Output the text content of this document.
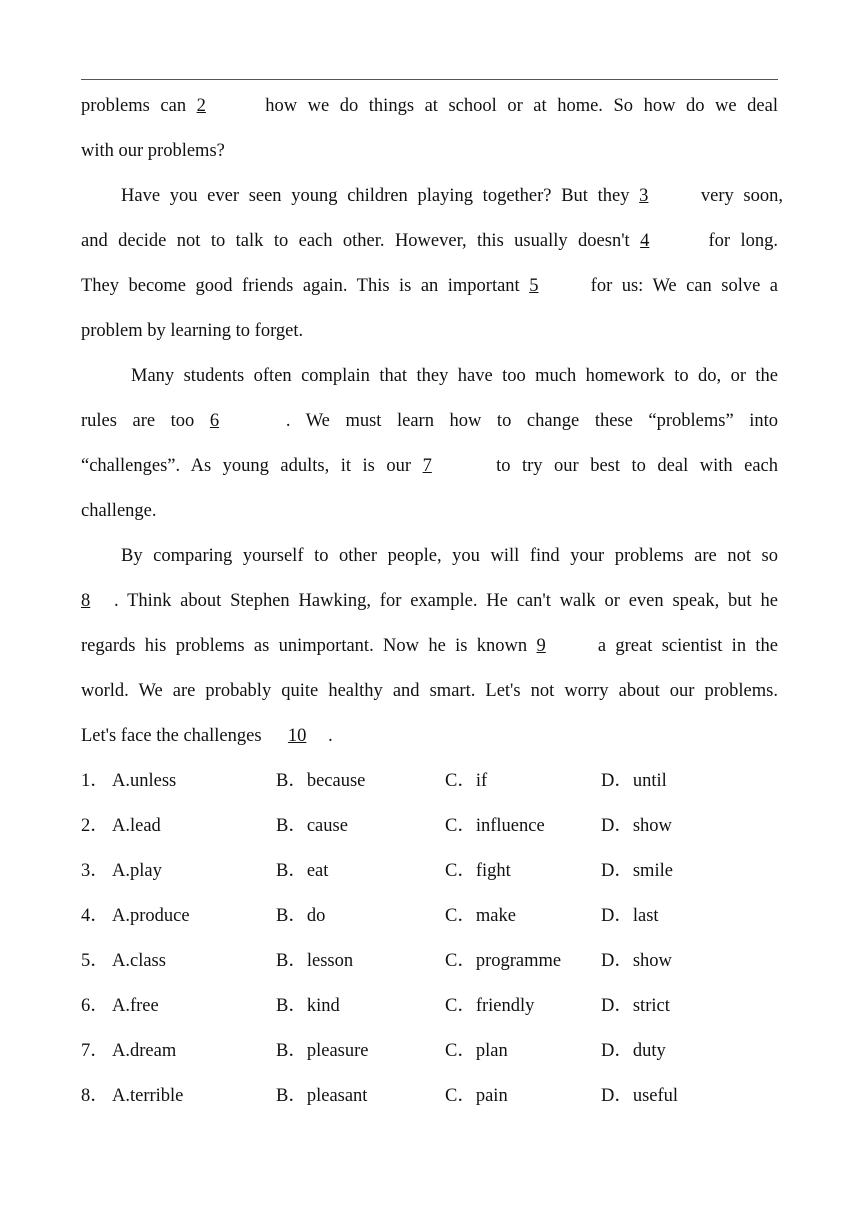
problems can 2	how we do things at school or at home. So how do we deal
with our problems?
Have you ever seen young children playing together? But they 3 very soon,
and decide not to talk to each other. However, this usually doesn't 4	for long.
They become good friends again. This is an important 5 for us: We can solve a
problem by learning to forget.
Many students often complain that they have too much homework to do, or the
rules are too 6	. We must learn how to change these “problems” into
“challenges”. As young adults, it is our 7	to try our best to deal with each
challenge.
By comparing yourself to other people, you will find your problems are not so
8 . Think about Stephen Hawking, for example. He can't walk or even speak, but he
regards his problems as unimportant. Now he is known 9 a great scientist in the
world. We are probably quite healthy and smart. Let's not worry about our problems.
Let's face the challenges 10 .
1． A.unless	B．because	C．if	D．until
2． A.lead	B．cause	C．influence	D．show
3． A.play	B．eat	C．fight	D．smile
4． A.produce	B．do	C．make	D．last
5． A.class	B．lesson	C．programme D．show
6． A.free	B．kind	C．friendly	D．strict
7． A.dream	B．pleasure	C．plan	D．duty
8． A.terrible	B．pleasant	C．pain	D．useful
